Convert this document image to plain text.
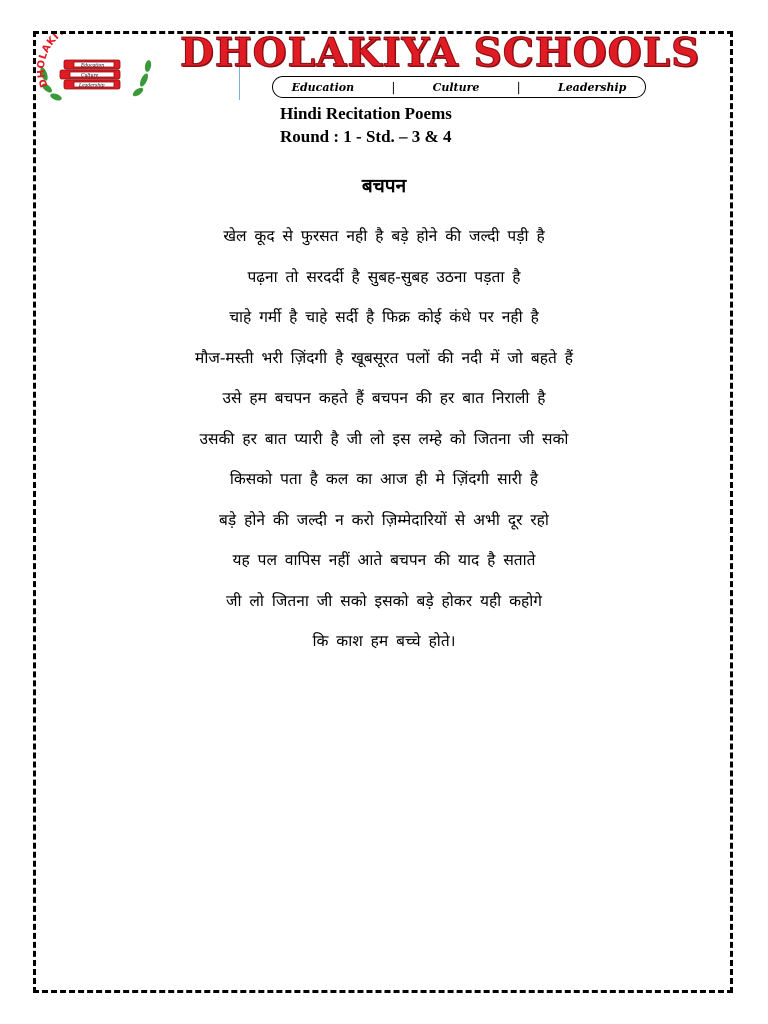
DHOLAKI
Education
Culture
Leadership
DHOLAKIYA SCHOOLS
Education	|	Culture	|	Leadership
Hindi Recitation Poems
Round : 1 - Std. – 3 & 4
बचपन
खेल कूद से फुरसत नही है बड़े होने की जल्दी पड़ी है
पढ़ना तो सरदर्दी है सुबह-सुबह उठना पड़ता है
चाहे गर्मी है चाहे सर्दी है फिक्र कोई कंधे पर नही है
मौज-मस्ती भरी ज़िंदगी है खूबसूरत पलों की नदी में जो बहते हैं
उसे हम बचपन कहते हैं बचपन की हर बात निराली है
उसकी हर बात प्यारी है जी लो इस लम्हे को जितना जी सको
किसको पता है कल का आज ही मे ज़िंदगी सारी है
बड़े होने की जल्दी न करो ज़िम्मेदारियों से अभी दूर रहो
यह पल वापिस नहीं आते बचपन की याद है सताते
जी लो जितना जी सको इसको बड़े होकर यही कहोगे
कि काश हम बच्चे होते।
